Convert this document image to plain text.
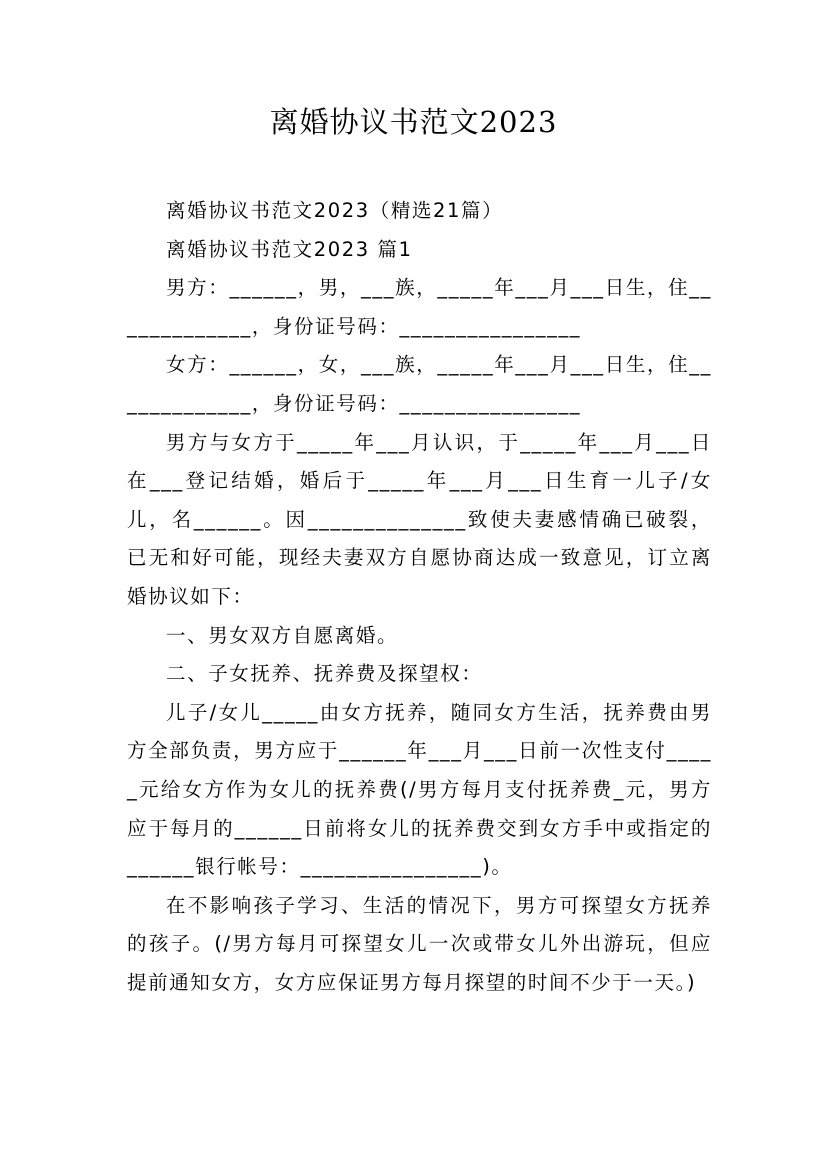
离婚协议书范文2023

离婚协议书范文2023（精选21篇）

离婚协议书范文2023 篇1

男方：______，男，___族，_____年___月___日生，住_____________，身份证号码：________________

女方：______，女，___族，_____年___月___日生，住_____________，身份证号码：________________

男方与女方于_____年___月认识，于_____年___月___日在___登记结婚，婚后于_____年___月___日生育一儿子/女儿，名______。因______________致使夫妻感情确已破裂，已无和好可能，现经夫妻双方自愿协商达成一致意见，订立离婚协议如下：

一、男女双方自愿离婚。

二、子女抚养、抚养费及探望权：

儿子/女儿_____由女方抚养，随同女方生活，抚养费由男方全部负责，男方应于______年___月___日前一次性支付_____元给女方作为女儿的抚养费(/男方每月支付抚养费_元，男方应于每月的______日前将女儿的抚养费交到女方手中或指定的______银行帐号：________________)。

在不影响孩子学习、生活的情况下，男方可探望女方抚养的孩子。(/男方每月可探望女儿一次或带女儿外出游玩，但应提前通知女方，女方应保证男方每月探望的时间不少于一天。)
